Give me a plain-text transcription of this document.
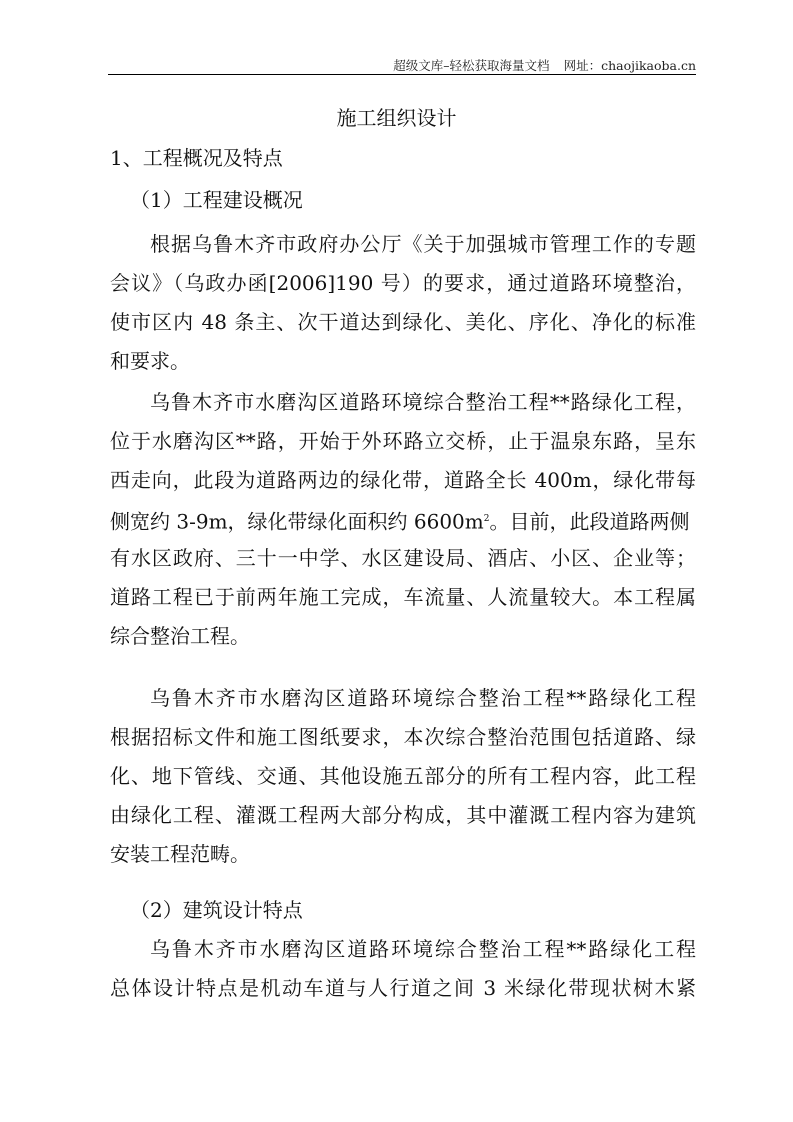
超级文库–轻松获取海量文档 网址：chaojikaoba.cn
施工组织设计
1、工程概况及特点
（1）工程建设概况
根据乌鲁木齐市政府办公厅《关于加强城市管理工作的专题
会议》（乌政办函[2006]190 号）的要求，通过道路环境整治，
使市区内 48 条主、次干道达到绿化、美化、序化、净化的标准
和要求。
乌鲁木齐市水磨沟区道路环境综合整治工程**路绿化工程，
位于水磨沟区**路，开始于外环路立交桥，止于温泉东路，呈东
西走向，此段为道路两边的绿化带，道路全长 400m，绿化带每
侧宽约 3-9m，绿化带绿化面积约 $6600m^2$。目前，此段道路两侧
有水区政府、三十一中学、水区建设局、酒店、小区、企业等；
道路工程已于前两年施工完成，车流量、人流量较大。本工程属
综合整治工程。
乌鲁木齐市水磨沟区道路环境综合整治工程**路绿化工程
根据招标文件和施工图纸要求，本次综合整治范围包括道路、绿
化、地下管线、交通、其他设施五部分的所有工程内容，此工程
由绿化工程、灌溉工程两大部分构成，其中灌溉工程内容为建筑
安装工程范畴。
（2）建筑设计特点
乌鲁木齐市水磨沟区道路环境综合整治工程**路绿化工程
总体设计特点是机动车道与人行道之间 3 米绿化带现状树木紧
